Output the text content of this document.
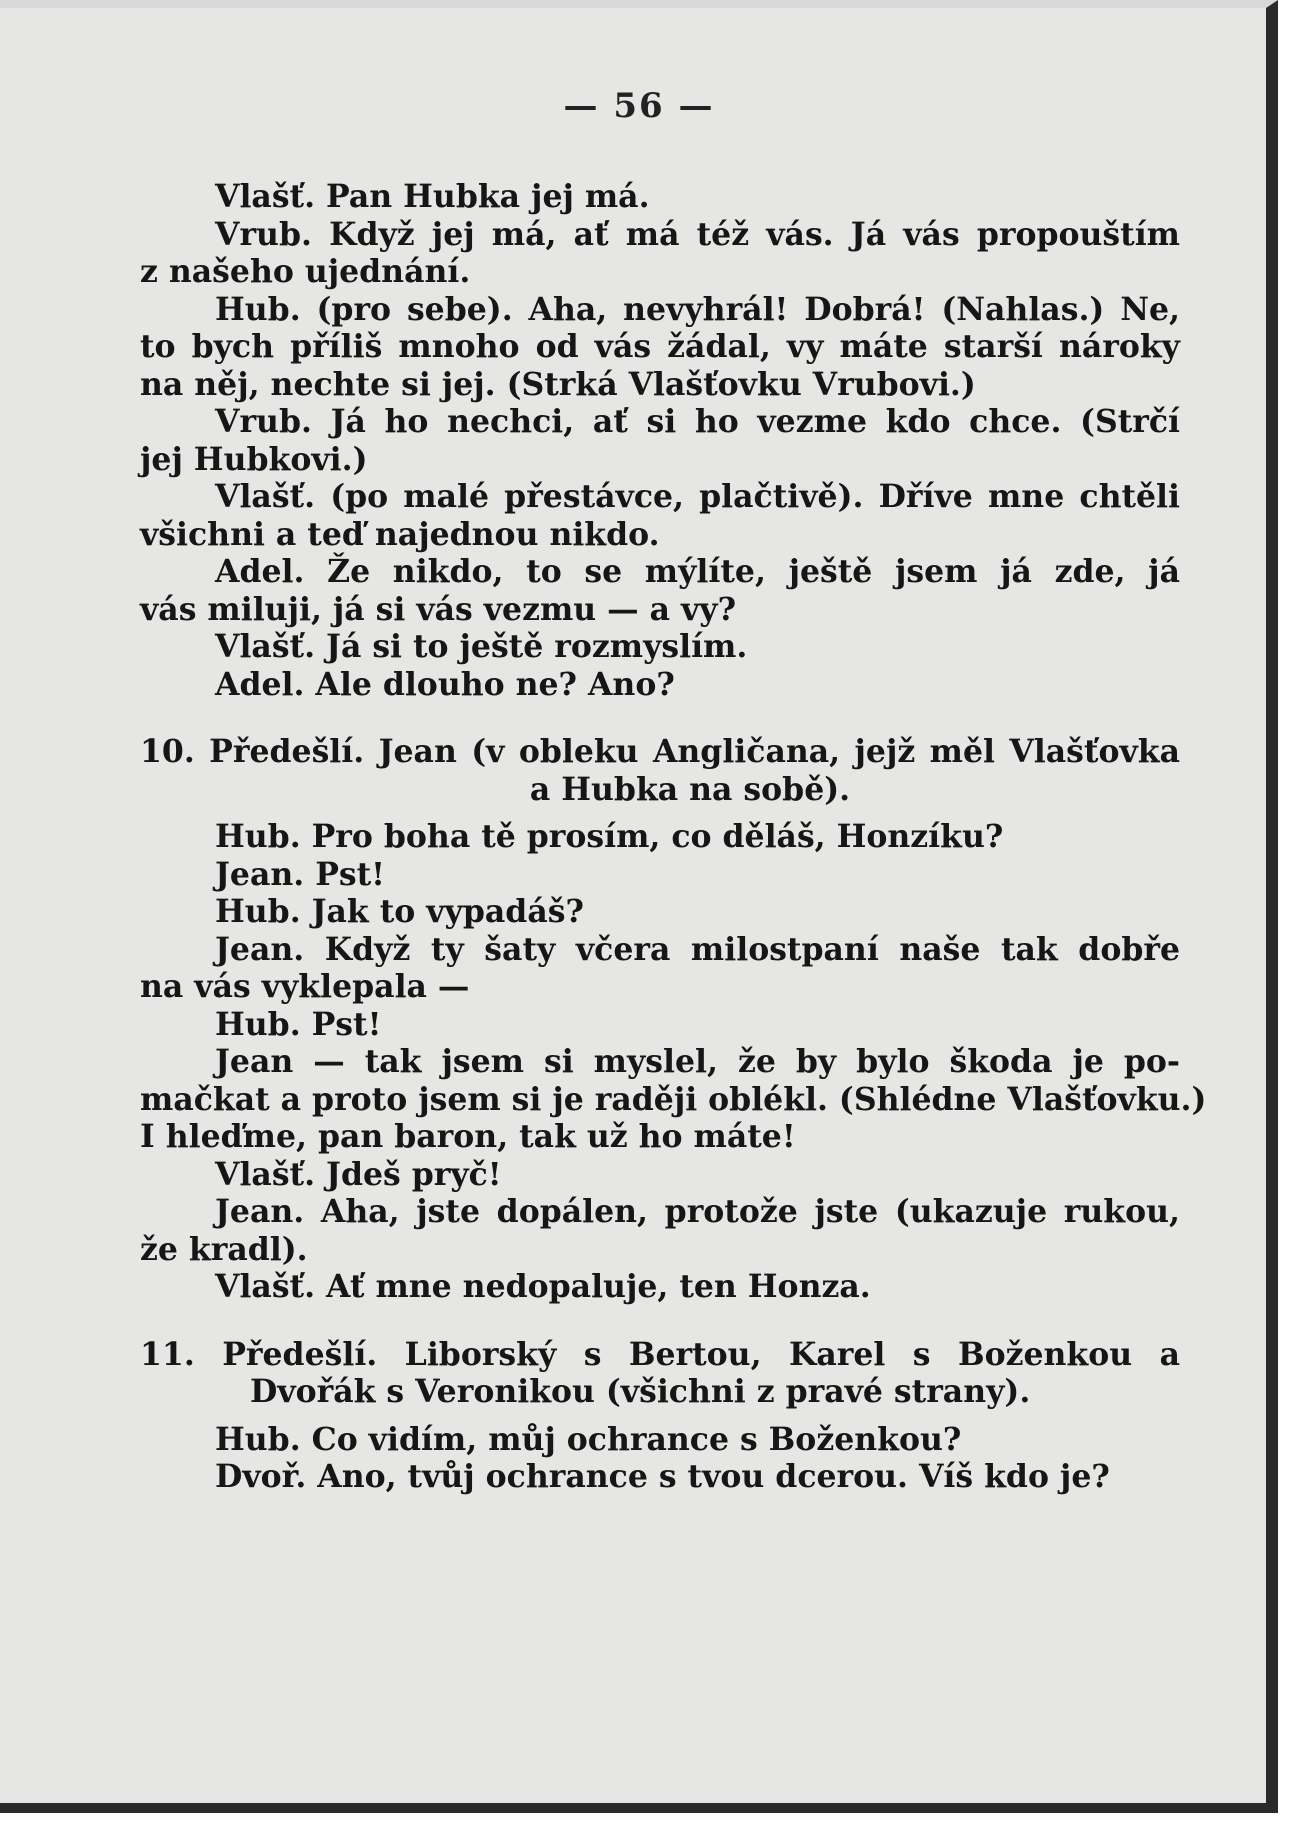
— 56 —
Vlašť. Pan Hubka jej má.
Vrub. Když jej má, ať má též vás. Já vás propouštím
z našeho ujednání.
Hub. (pro sebe). Aha, nevyhrál! Dobrá! (Nahlas.) Ne,
to bych příliš mnoho od vás žádal, vy máte starší nároky
na něj, nechte si jej. (Strká Vlašťovku Vrubovi.)
Vrub. Já ho nechci, ať si ho vezme kdo chce. (Strčí
jej Hubkovi.)
Vlašť. (po malé přestávce, plačtivě). Dříve mne chtěli
všichni a teď najednou nikdo.
Adel. Že nikdo, to se mýlíte, ještě jsem já zde, já
vás miluji, já si vás vezmu — a vy?
Vlašť. Já si to ještě rozmyslím.
Adel. Ale dlouho ne? Ano?
10. Předešlí. Jean (v obleku Angličana, jejž měl Vlašťovka
a Hubka na sobě).
Hub. Pro boha tě prosím, co děláš, Honzíku?
Jean. Pst!
Hub. Jak to vypadáš?
Jean. Když ty šaty včera milostpaní naše tak dobře
na vás vyklepala —
Hub. Pst!
Jean — tak jsem si myslel, že by bylo škoda je po-
mačkat a proto jsem si je raději oblékl. (Shlédne Vlašťovku.)
I hleďme, pan baron, tak už ho máte!
Vlašť. Jdeš pryč!
Jean. Aha, jste dopálen, protože jste (ukazuje rukou,
že kradl).
Vlašť. Ať mne nedopaluje, ten Honza.
11. Předešlí. Liborský s Bertou, Karel s Boženkou a
Dvořák s Veronikou (všichni z pravé strany).
Hub. Co vidím, můj ochrance s Boženkou?
Dvoř. Ano, tvůj ochrance s tvou dcerou. Víš kdo je?
